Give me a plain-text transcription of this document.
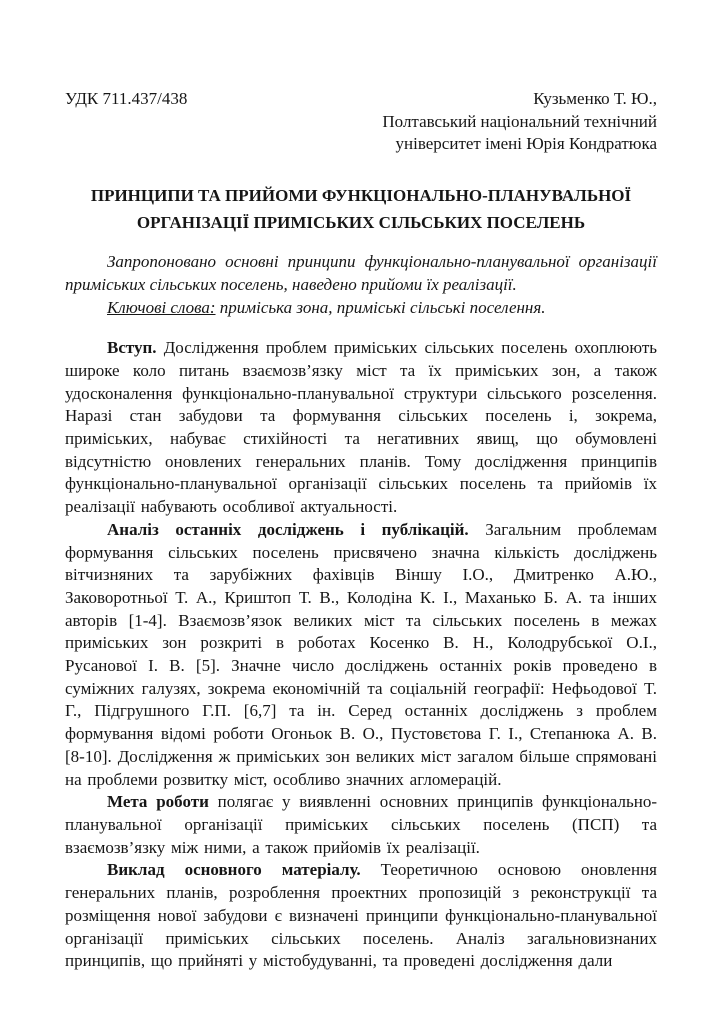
УДК 711.437/438	Кузьменко Т. Ю.,
Полтавський національний технічний
університет імені Юрія Кондратюка
ПРИНЦИПИ ТА ПРИЙОМИ ФУНКЦІОНАЛЬНО-ПЛАНУВАЛЬНОЇ
ОРГАНІЗАЦІЇ ПРИМІСЬКИХ СІЛЬСЬКИХ ПОСЕЛЕНЬ

Запропоновано основні принципи функціонально-планувальної організації приміських сільських поселень, наведено прийоми їх реалізації.

Ключові слова: приміська зона, приміські сільські поселення.

Вступ. Дослідження проблем приміських сільських поселень охоплюють широке коло питань взаємозв’язку міст та їх приміських зон, а також удосконалення функціонально-планувальної структури сільського розселення. Наразі стан забудови та формування сільських поселень і, зокрема, приміських, набуває стихійності та негативних явищ, що обумовлені відсутністю оновлених генеральних планів. Тому дослідження принципів функціонально-планувальної організації сільських поселень та прийомів їх реалізації набувають особливої актуальності.

Аналіз останніх досліджень і публікацій. Загальним проблемам формування сільських поселень присвячено значна кількість досліджень вітчизняних та зарубіжних фахівців Віншу І.О., Дмитренко А.Ю., Заковоротньої Т. А., Криштоп Т. В., Колодіна К. І., Маханько Б. А. та інших авторів [1-4]. Взаємозв’язок великих міст та сільських поселень в межах приміських зон розкриті в роботах Косенко В. Н., Колодрубської О.І., Русанової І. В. [5]. Значне число досліджень останніх років проведено в суміжних галузях, зокрема економічній та соціальній географії: Нефьодової Т. Г., Підгрушного Г.П. [6,7] та ін. Серед останніх досліджень з проблем формування відомі роботи Огоньок В. О., Пустовєтова Г. І., Степанюка А. В. [8-10]. Дослідження ж приміських зон великих міст загалом більше спрямовані на проблеми розвитку міст, особливо значних агломерацій.

Мета роботи полягає у виявленні основних принципів функціонально-планувальної організації приміських сільських поселень (ПСП) та взаємозв’язку між ними, а також прийомів їх реалізації.

Виклад основного матеріалу. Теоретичною основою оновлення генеральних планів, розроблення проектних пропозицій з реконструкції та розміщення нової забудови є визначені принципи функціонально-планувальної організації приміських сільських поселень. Аналіз загальновизнаних принципів, що прийняті у містобудуванні, та проведені дослідження дали
